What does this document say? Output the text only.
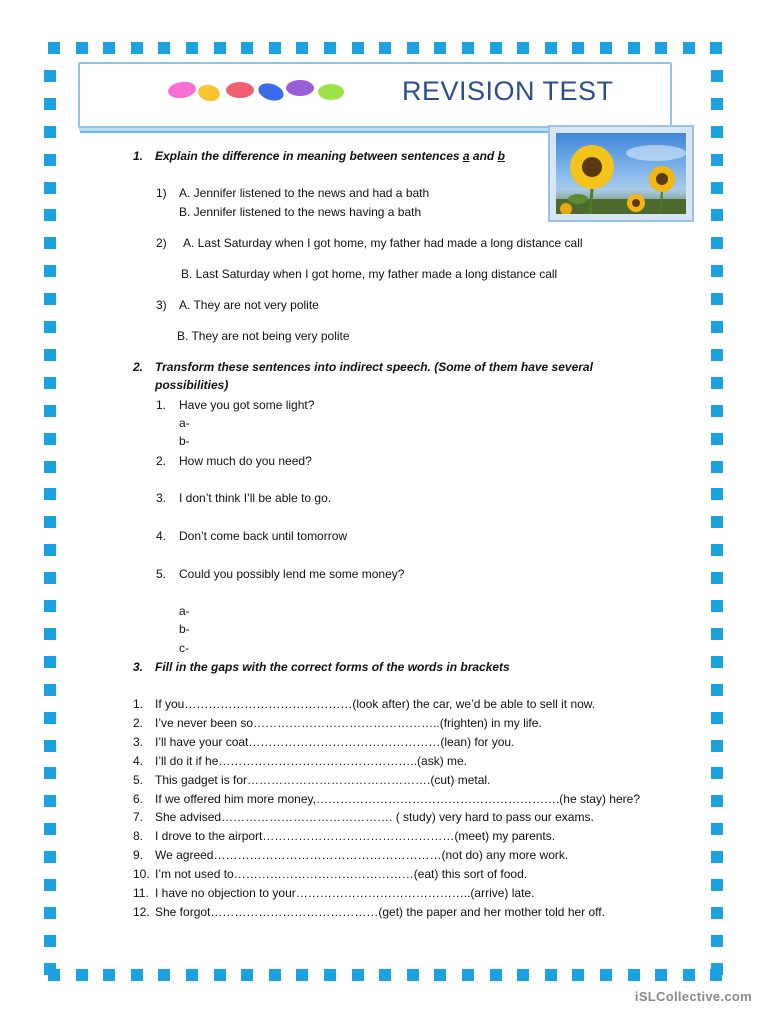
REVISION TEST
1. Explain the difference in meaning between sentences a and b
1) A. Jennifer listened to the news and had a bath
B. Jennifer listened to the news having a bath
2) A. Last Saturday when I got home, my father had made a long distance call
B. Last Saturday when I got home, my father made a long distance call
3) A. They are not very polite
B. They are not being very polite
2. Transform these sentences into indirect speech. (Some of them have several
possibilities)
1. Have you got some light?
a-
b-
2. How much do you need?
3. I don’t think I’ll be able to go.
4. Don’t come back until tomorrow
5. Could you possibly lend me some money?
a-
b-
c-
3. Fill in the gaps with the correct forms of the words in brackets
1. If you……………………………………(look after) the car, we’d be able to sell it now.
2. I’ve never been so………………………………………..(frighten) in my life.
3. I’ll have your coat…………………………………………(lean) for you.
4. I’ll do it if he…………………………………………..(ask) me.
5. This gadget is for……………………………………….(cut) metal.
6. If we offered him more money,…………………………………………………….(he stay) here?
7. She advised……………………………………. ( study) very hard to pass our exams.
8. I drove to the airport…………………………………………(meet) my parents.
9. We agreed…………………………………………………(not do) any more work.
10. I’m not used to………………………………………(eat) this sort of food.
11. I have no objection to your……………………………………..(arrive) late.
12. She forgot……………………………………(get) the paper and her mother told her off.
iSLCollective.com
